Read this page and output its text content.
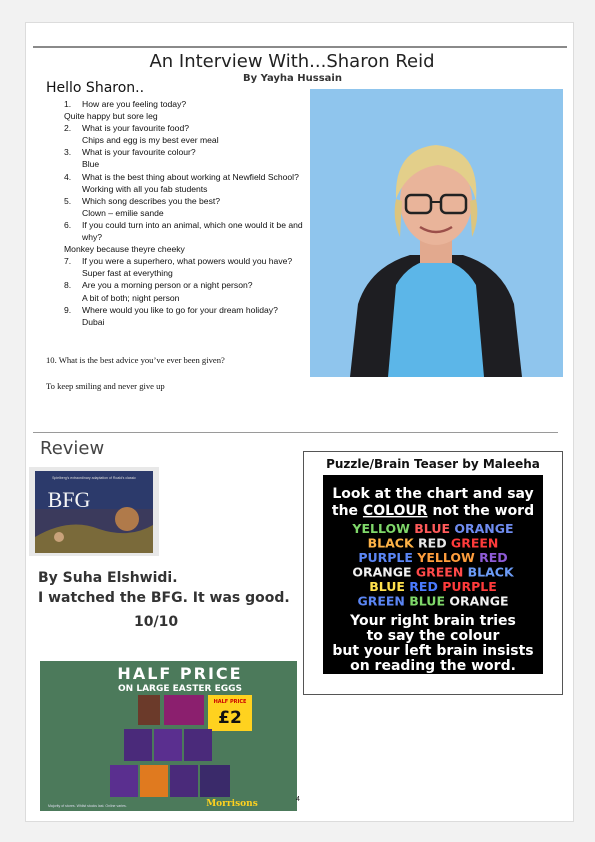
An Interview With...Sharon Reid
By Yayha Hussain
Hello Sharon..
1. How are you feeling today?
Quite happy but sore leg
2. What is your favourite food?
Chips and egg is my best ever meal
3. What is your favourite colour?
Blue
4. What is the best thing about working at Newfield School?
Working with all you fab students
5. Which song describes you the best?
Clown – emilie sande
6. If you could turn into an animal, which one would it be and why?
Monkey because theyre cheeky
7. If you were a superhero, what powers would you have?
Super fast at everything
8. Are you a morning person or a night person?
A bit of both; night person
9. Where would you like to go for your dream holiday?
Dubai
10. What is the best advice you’ve ever been given?
To keep smiling and never give up
Review
Spielberg's extraordinary adaptation of Roald's classic
BFG
By Suha Elshwidi.
I watched the BFG. It was good.
10/10
Puzzle/Brain Teaser by Maleeha
Look at the chart and say
the COLOUR not the word
YELLOW BLUE ORANGE
BLACK RED GREEN
PURPLE YELLOW RED
ORANGE GREEN BLACK
BLUE RED PURPLE
GREEN BLUE ORANGE
Your right brain tries
to say the colour
but your left brain insists
on reading the word.
HALF PRICE
ON LARGE EASTER EGGS
HALF PRICE
£2
Morrisons
Majority of stores. Whilst stocks last. Online varies.
4
